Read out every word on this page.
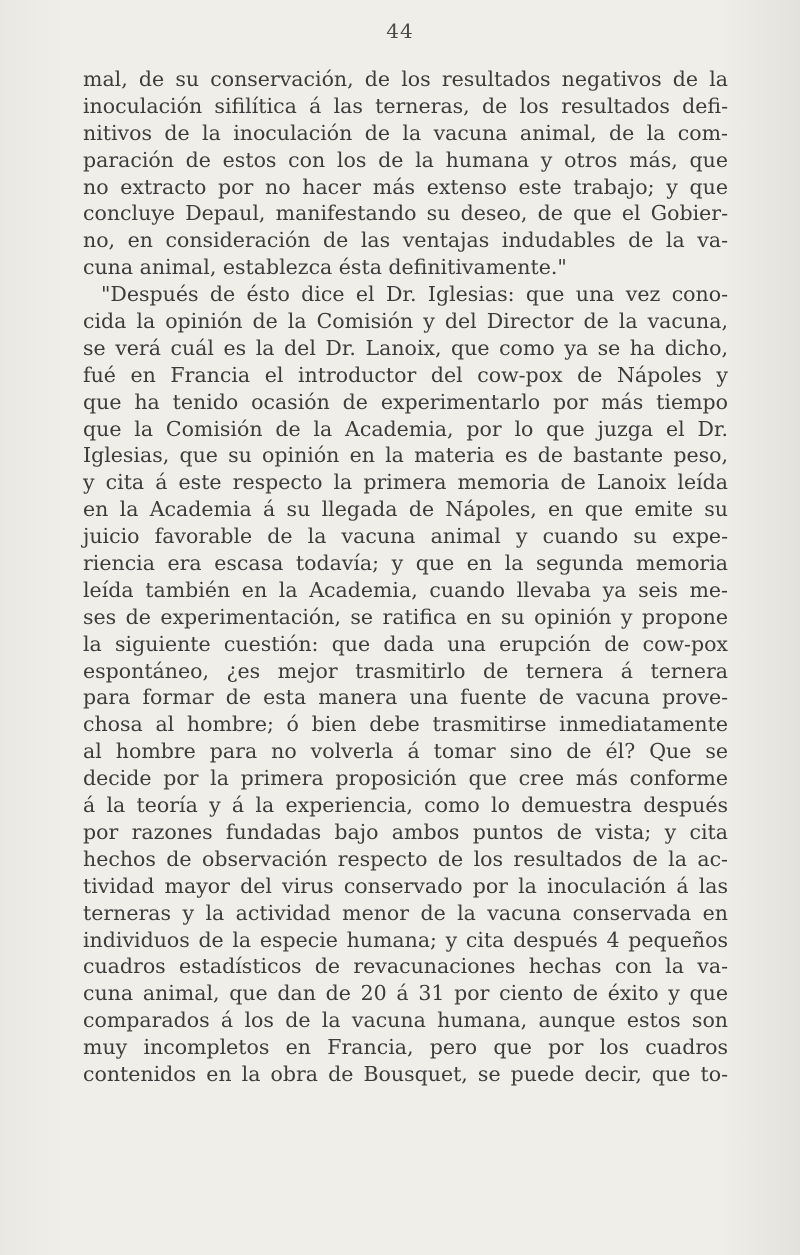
44
mal, de su conservación, de los resultados negativos de la
inoculación sifilítica á las terneras, de los resultados defi-
nitivos de la inoculación de la vacuna animal, de la com-
paración de estos con los de la humana y otros más, que
no extracto por no hacer más extenso este trabajo; y que
concluye Depaul, manifestando su deseo, de que el Gobier-
no, en consideración de las ventajas indudables de la va-
cuna animal, establezca ésta definitivamente."
"Después de ésto dice el Dr. Iglesias: que una vez cono-
cida la opinión de la Comisión y del Director de la vacuna,
se verá cuál es la del Dr. Lanoix, que como ya se ha dicho,
fué en Francia el introductor del cow-pox de Nápoles y
que ha tenido ocasión de experimentarlo por más tiempo
que la Comisión de la Academia, por lo que juzga el Dr.
Iglesias, que su opinión en la materia es de bastante peso,
y cita á este respecto la primera memoria de Lanoix leída
en la Academia á su llegada de Nápoles, en que emite su
juicio favorable de la vacuna animal y cuando su expe-
riencia era escasa todavía; y que en la segunda memoria
leída también en la Academia, cuando llevaba ya seis me-
ses de experimentación, se ratifica en su opinión y propone
la siguiente cuestión: que dada una erupción de cow-pox
espontáneo, ¿es mejor trasmitirlo de ternera á ternera
para formar de esta manera una fuente de vacuna prove-
chosa al hombre; ó bien debe trasmitirse inmediatamente
al hombre para no volverla á tomar sino de él? Que se
decide por la primera proposición que cree más conforme
á la teoría y á la experiencia, como lo demuestra después
por razones fundadas bajo ambos puntos de vista; y cita
hechos de observación respecto de los resultados de la ac-
tividad mayor del virus conservado por la inoculación á las
terneras y la actividad menor de la vacuna conservada en
individuos de la especie humana; y cita después 4 pequeños
cuadros estadísticos de revacunaciones hechas con la va-
cuna animal, que dan de 20 á 31 por ciento de éxito y que
comparados á los de la vacuna humana, aunque estos son
muy incompletos en Francia, pero que por los cuadros
contenidos en la obra de Bousquet, se puede decir, que to-
